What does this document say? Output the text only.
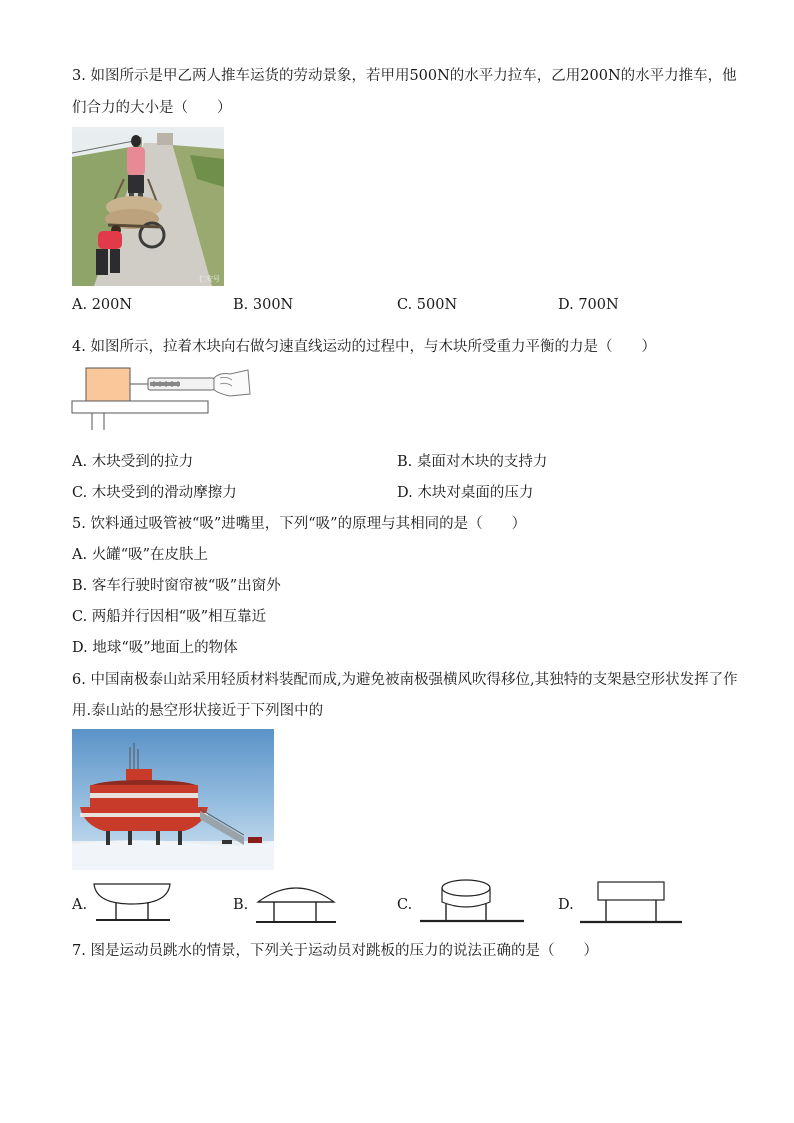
3. 如图所示是甲乙两人推车运货的劳动景象，若甲用500N的水平力拉车，乙用200N的水平力推车，他
们合力的大小是（　　）
仁安号
A. 200N	B. 300N	C. 500N	D. 700N
4. 如图所示，拉着木块向右做匀速直线运动的过程中，与木块所受重力平衡的力是（　　）
A. 木块受到的拉力	B. 桌面对木块的支持力
C. 木块受到的滑动摩擦力	D. 木块对桌面的压力
5. 饮料通过吸管被“吸”进嘴里，下列“吸”的原理与其相同的是（　　）
A. 火罐“吸”在皮肤上
B. 客车行驶时窗帘被“吸”出窗外
C. 两船并行因相“吸”相互靠近
D. 地球“吸”地面上的物体
6. 中国南极泰山站采用轻质材料装配而成,为避免被南极强横风吹得移位,其独特的支架悬空形状发挥了作
用.泰山站的悬空形状接近于下列图中的
A.	B.	C.	D.
7. 图是运动员跳水的情景，下列关于运动员对跳板的压力的说法正确的是（　　）
